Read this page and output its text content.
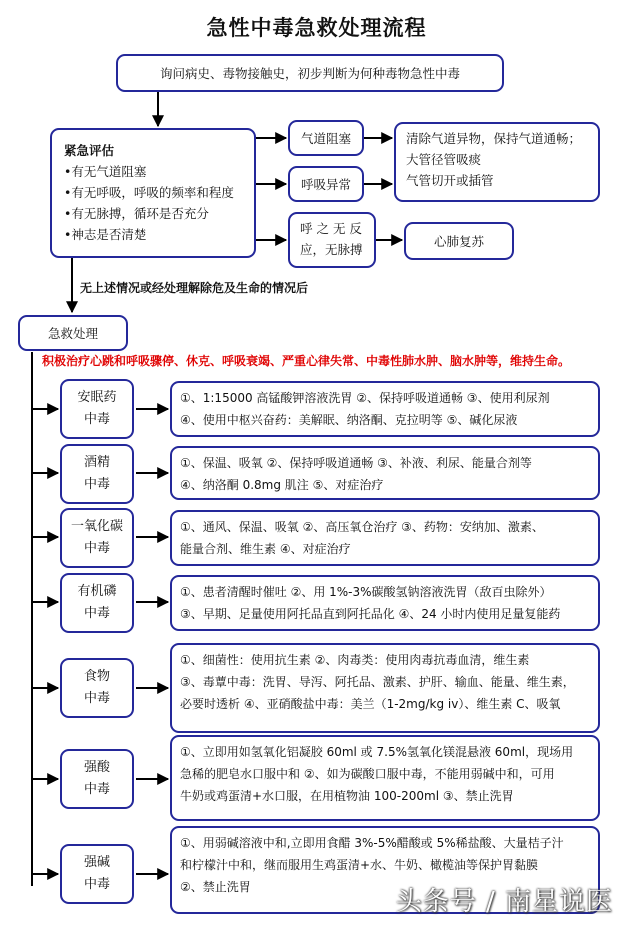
急性中毒急救处理流程
询问病史、毒物接触史，初步判断为何种毒物急性中毒
紧急评估
•有无气道阻塞
•有无呼吸，呼吸的频率和程度
•有无脉搏，循环是否充分
•神志是否清楚
气道阻塞
呼吸异常
呼 之 无 反
应，无脉搏
清除气道异物，保持气道通畅；
大管径管吸痰
气管切开或插管
心肺复苏
无上述情况或经处理解除危及生命的情况后
急救处理
积极治疗心跳和呼吸骤停、休克、呼吸衰竭、严重心律失常、中毒性肺水肿、脑水肿等，维持生命。
安眠药
中毒
①、1:15000 高锰酸钾溶液洗胃 ②、保持呼吸道通畅 ③、使用利尿剂
④、使用中枢兴奋药：美解眠、纳洛酮、克拉明等 ⑤、碱化尿液
酒精
中毒
①、保温、吸氧 ②、保持呼吸道通畅 ③、补液、利尿、能量合剂等
④、纳洛酮 0.8mg 肌注 ⑤、对症治疗
一氧化碳
中毒
①、通风、保温、吸氧 ②、高压氧仓治疗 ③、药物：安纳加、激素、
能量合剂、维生素 ④、对症治疗
有机磷
中毒
①、患者清醒时催吐 ②、用 1%-3%碳酸氢钠溶液洗胃（敌百虫除外）
③、早期、足量使用阿托品直到阿托品化 ④、24 小时内使用足量复能药
食物
中毒
①、细菌性：使用抗生素 ②、肉毒类：使用肉毒抗毒血清，维生素
③、毒蕈中毒：洗胃、导泻、阿托品、激素、护肝、输血、能量、维生素，
必要时透析 ④、亚硝酸盐中毒：美兰（1-2mg/kg iv）、维生素 C、吸氧
强酸
中毒
①、立即用如氢氧化铝凝胶 60ml 或 7.5%氢氧化镁混悬液 60ml，现场用
急稀的肥皂水口服中和 ②、如为碳酸口服中毒，不能用弱碱中和，可用
牛奶或鸡蛋清+水口服，在用植物油 100-200ml ③、禁止洗胃
强碱
中毒
①、用弱碱溶液中和,立即用食醋 3%-5%醋酸或 5%稀盐酸、大量桔子汁
和柠檬汁中和，继而服用生鸡蛋清+水、牛奶、橄榄油等保护胃黏膜
②、禁止洗胃	头条号 / 南星说医
